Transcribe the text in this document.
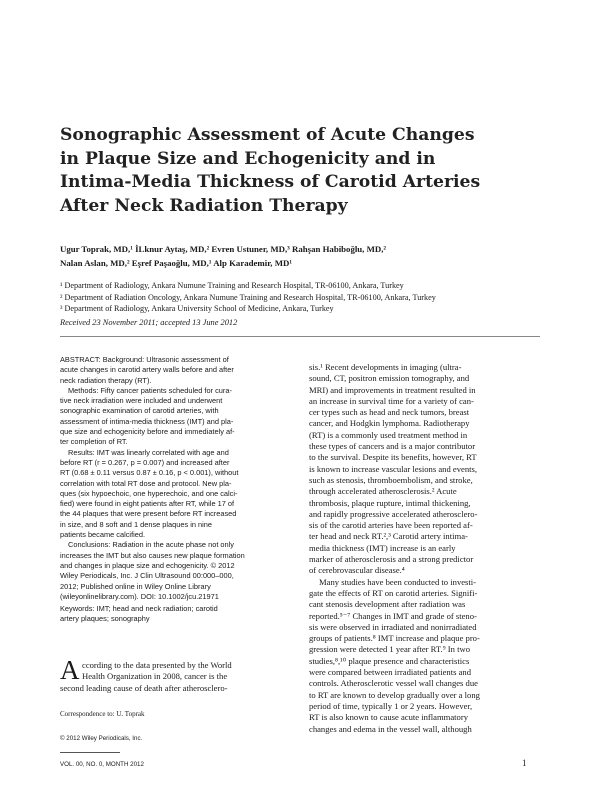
Sonographic Assessment of Acute Changes
in Plaque Size and Echogenicity and in
Intima-Media Thickness of Carotid Arteries
After Neck Radiation Therapy
Ugur Toprak, MD,¹ İLknur Aytaş, MD,² Evren Ustuner, MD,³ Rahşan Habiboğlu, MD,²
Nalan Aslan, MD,² Eşref Paşaoğlu, MD,¹ Alp Karademir, MD¹
¹ Department of Radiology, Ankara Numune Training and Research Hospital, TR-06100, Ankara, Turkey
² Department of Radiation Oncology, Ankara Numune Training and Research Hospital, TR-06100, Ankara, Turkey
³ Department of Radiology, Ankara University School of Medicine, Ankara, Turkey
Received 23 November 2011; accepted 13 June 2012
ABSTRACT: Background: Ultrasonic assessment of
acute changes in carotid artery walls before and after
neck radiation therapy (RT).
Methods: Fifty cancer patients scheduled for cura-
tive neck irradiation were included and underwent
sonographic examination of carotid arteries, with
assessment of intima-media thickness (IMT) and pla-
que size and echogenicity before and immediately af-
ter completion of RT.
Results: IMT was linearly correlated with age and
before RT (r = 0.267, p = 0.007) and increased after
RT (0.68 ± 0.11 versus 0.87 ± 0.16, p < 0.001), without
correlation with total RT dose and protocol. New pla-
ques (six hypoechoic, one hyperechoic, and one calci-
fied) were found in eight patients after RT, while 17 of
the 44 plaques that were present before RT increased
in size, and 8 soft and 1 dense plaques in nine
patients became calcified.
Conclusions: Radiation in the acute phase not only
increases the IMT but also causes new plaque formation
and changes in plaque size and echogenicity. © 2012
Wiley Periodicals, Inc. J Clin Ultrasound 00:000–000,
2012; Published online in Wiley Online Library
(wileyonlinelibrary.com). DOI: 10.1002/jcu.21971
Keywords: IMT; head and neck radiation; carotid
artery plaques; sonography
A ccording to the data presented by the World
Health Organization in 2008, cancer is the
second leading cause of death after atherosclero-
sis.¹ Recent developments in imaging (ultra-
sound, CT, positron emission tomography, and
MRI) and improvements in treatment resulted in
an increase in survival time for a variety of can-
cer types such as head and neck tumors, breast
cancer, and Hodgkin lymphoma. Radiotherapy
(RT) is a commonly used treatment method in
these types of cancers and is a major contributor
to the survival. Despite its benefits, however, RT
is known to increase vascular lesions and events,
such as stenosis, thromboembolism, and stroke,
through accelerated atherosclerosis.² Acute
thrombosis, plaque rupture, intimal thickening,
and rapidly progressive accelerated atherosclero-
sis of the carotid arteries have been reported af-
ter head and neck RT.²,³ Carotid artery intima-
media thickness (IMT) increase is an early
marker of atherosclerosis and a strong predictor
of cerebrovascular disease.⁴
Many studies have been conducted to investi-
gate the effects of RT on carotid arteries. Signifi-
cant stenosis development after radiation was
reported.⁵⁻⁷ Changes in IMT and grade of steno-
sis were observed in irradiated and nonirradiated
groups of patients.⁸ IMT increase and plaque pro-
gression were detected 1 year after RT.⁹ In two
studies,⁸,¹⁰ plaque presence and characteristics
were compared between irradiated patients and
controls. Atherosclerotic vessel wall changes due
to RT are known to develop gradually over a long
period of time, typically 1 or 2 years. However,
RT is also known to cause acute inflammatory
changes and edema in the vessel wall, although
Correspondence to: U. Toprak
© 2012 Wiley Periodicals, Inc.
VOL. 00, NO. 0, MONTH 2012	1
